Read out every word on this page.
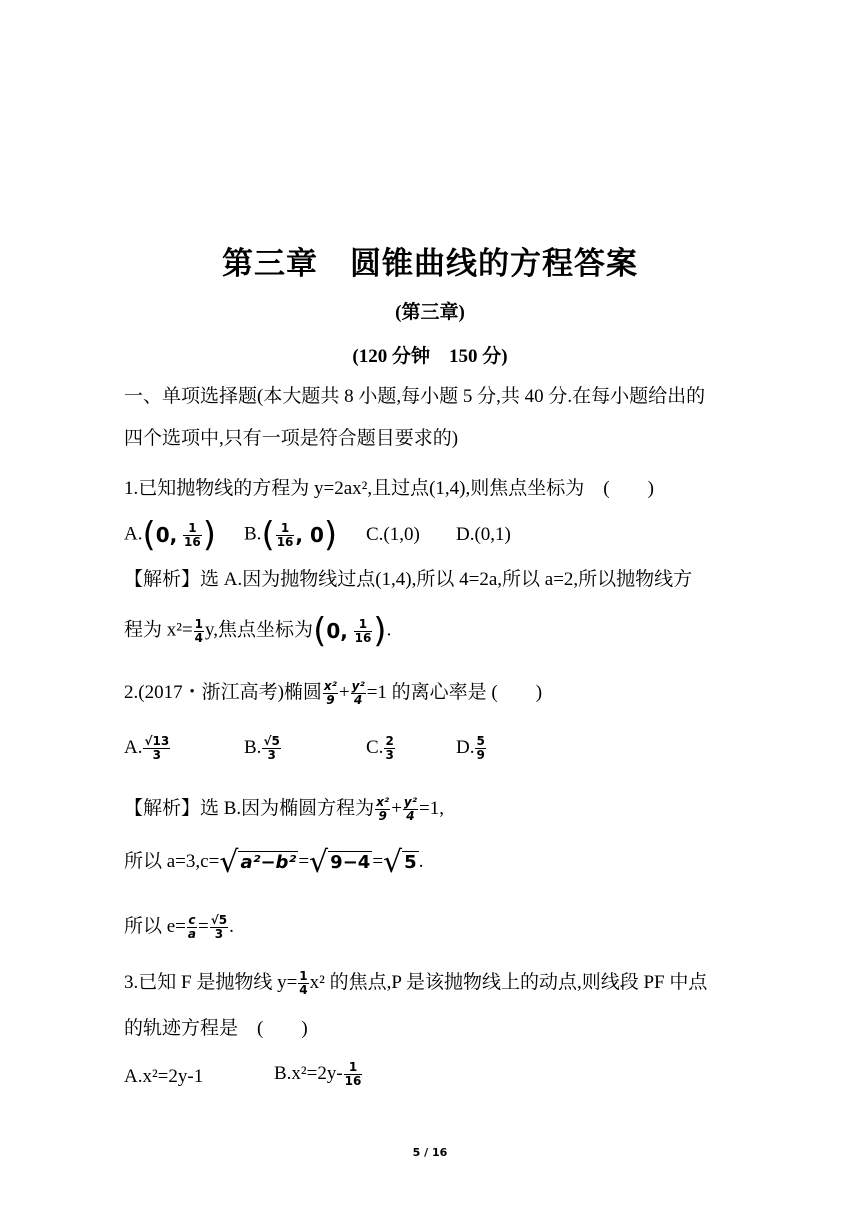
第三章　圆锥曲线的方程答案
(第三章)
(120 分钟　150 分)
一、单项选择题(本大题共 8 小题,每小题 5 分,共 40 分.在每小题给出的
四个选项中,只有一项是符合题目要求的)
1.已知抛物线的方程为 y=2ax²,且过点(1,4),则焦点坐标为　(　　)
A.(0, $\frac{1}{16}$ ) $B.( \frac{1}{16}$ , 0) C.(1,0) D.(0,1)
【解析】选 A.因为抛物线过点(1,4),所以 4=2a,所以 a=2,所以抛物线方
程为 $x^2= \frac{1}{4} y$,焦点坐标为(0, $\frac{1}{16}$ ).
2.(2017・浙江高考)椭圆 $\frac{\text{x²}}{9} + \frac{\text{y²}}{4} =1$ 的离心率是 (　　)
A. $\frac{√13}{3}$	B. $\frac{√5}{3}$	C. $\frac{2}{3}$	D. $\frac{5}{9}$
【解析】选 B.因为椭圆方程为 $\frac{\text{x²}}{9} + \frac{\text{y²}}{4} =1$,
所以 a=3,c=√ a²−b² =√ 9−4 =√ 5 .
所以 $e= \frac{c}{a} = \frac{√5}{3}$ .
3.已知 F 是抛物线 $y= \frac{1}{4} x^2$ 的焦点,P 是该抛物线上的动点,则线段 PF 中点
的轨迹方程是　(　　)
A.x²=2y-1	$B.x^2=2y- \frac{1}{16}$
5 / 16
